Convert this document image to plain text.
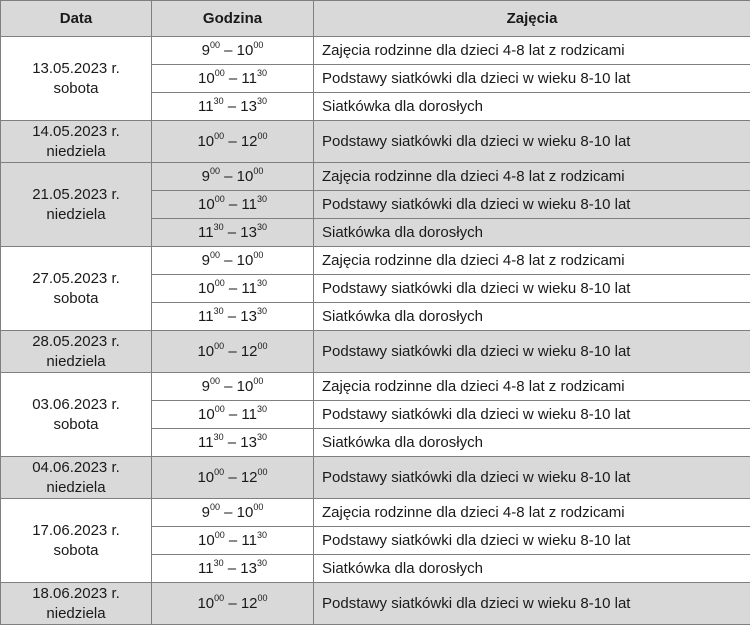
Data	Godzina	Zajęcia
13.05.2023 r.
sobota	$9^{00} - 10^{00}$	Zajęcia rodzinne dla dzieci 4-8 lat z rodzicami
	$10^{00} - 11^{30}$	Podstawy siatkówki dla dzieci w wieku 8-10 lat
	$11^{30} - 13^{30}$	Siatkówka dla dorosłych
14.05.2023 r.
niedziela	$10^{00} - 12^{00}$	Podstawy siatkówki dla dzieci w wieku 8-10 lat
21.05.2023 r.
niedziela	$9^{00} - 10^{00}$	Zajęcia rodzinne dla dzieci 4-8 lat z rodzicami
	$10^{00} - 11^{30}$	Podstawy siatkówki dla dzieci w wieku 8-10 lat
	$11^{30} - 13^{30}$	Siatkówka dla dorosłych
27.05.2023 r.
sobota	$9^{00} - 10^{00}$	Zajęcia rodzinne dla dzieci 4-8 lat z rodzicami
	$10^{00} - 11^{30}$	Podstawy siatkówki dla dzieci w wieku 8-10 lat
	$11^{30} - 13^{30}$	Siatkówka dla dorosłych
28.05.2023 r.
niedziela	$10^{00} - 12^{00}$	Podstawy siatkówki dla dzieci w wieku 8-10 lat
03.06.2023 r.
sobota	$9^{00} - 10^{00}$	Zajęcia rodzinne dla dzieci 4-8 lat z rodzicami
	$10^{00} - 11^{30}$	Podstawy siatkówki dla dzieci w wieku 8-10 lat
	$11^{30} - 13^{30}$	Siatkówka dla dorosłych
04.06.2023 r.
niedziela	$10^{00} - 12^{00}$	Podstawy siatkówki dla dzieci w wieku 8-10 lat
17.06.2023 r.
sobota	$9^{00} - 10^{00}$	Zajęcia rodzinne dla dzieci 4-8 lat z rodzicami
	$10^{00} - 11^{30}$	Podstawy siatkówki dla dzieci w wieku 8-10 lat
	$11^{30} - 13^{30}$	Siatkówka dla dorosłych
18.06.2023 r.
niedziela	$10^{00} - 12^{00}$	Podstawy siatkówki dla dzieci w wieku 8-10 lat
